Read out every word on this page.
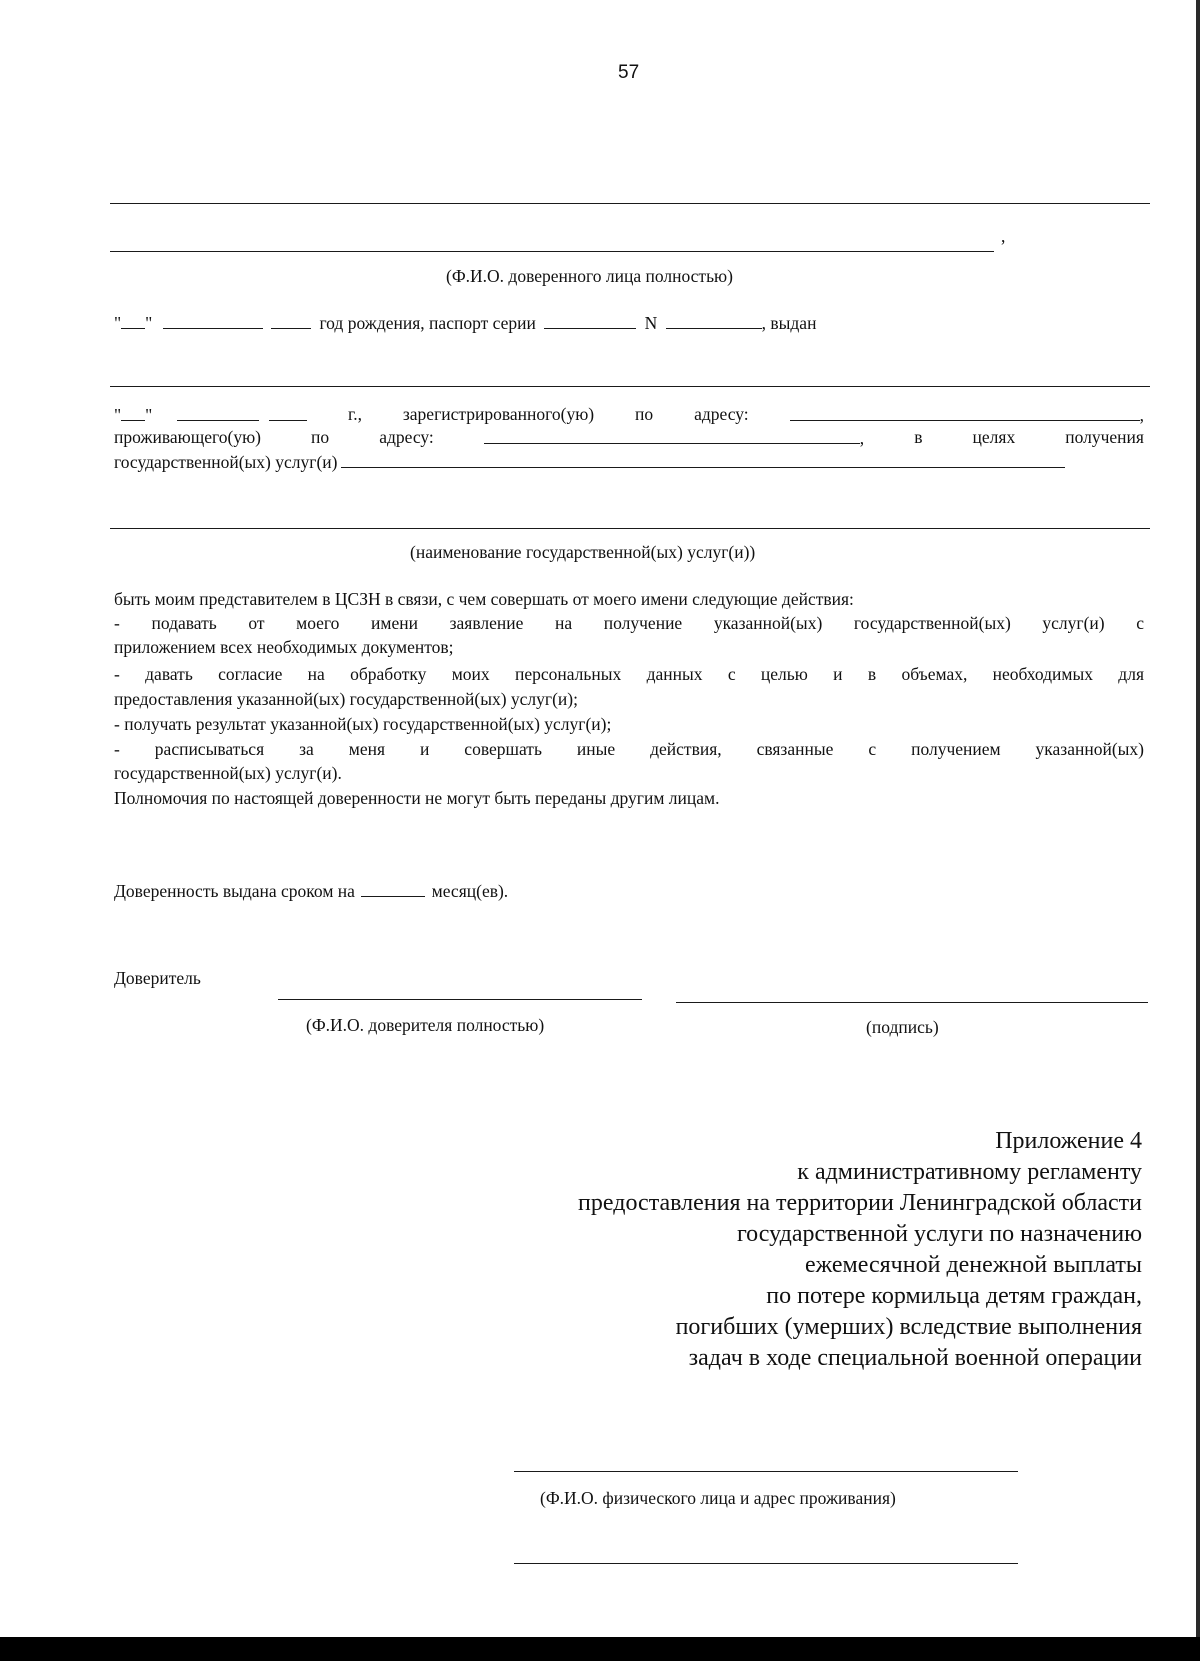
57
,
(Ф.И.О. доверенного лица полностью)
" "	год рождения, паспорт серии	N	, выдан
" "	г., зарегистрированного(ую) по адресу:	,
проживающего(ую)	по	адресу:	,	в	целях	получения
государственной(ых) услуг(и)
(наименование государственной(ых) услуг(и))
быть моим представителем в ЦСЗН в связи, с чем совершать от моего имени следующие действия:
- подавать от моего имени заявление на получение указанной(ых) государственной(ых) услуг(и) с
приложением всех необходимых документов;
- давать согласие на обработку моих персональных данных с целью и в объемах, необходимых для
предоставления указанной(ых) государственной(ых) услуг(и);
- получать результат указанной(ых) государственной(ых) услуг(и);
- расписываться за меня и совершать иные действия, связанные с получением указанной(ых)
государственной(ых) услуг(и).
Полномочия по настоящей доверенности не могут быть переданы другим лицам.
Доверенность выдана сроком на	месяц(ев).
Доверитель
(Ф.И.О. доверителя полностью)	(подпись)
Приложение 4
к административному регламенту
предоставления на территории Ленинградской области
государственной услуги по назначению
ежемесячной денежной выплаты
по потере кормильца детям граждан,
погибших (умерших) вследствие выполнения
задач в ходе специальной военной операции
(Ф.И.О. физического лица и адрес проживания)
